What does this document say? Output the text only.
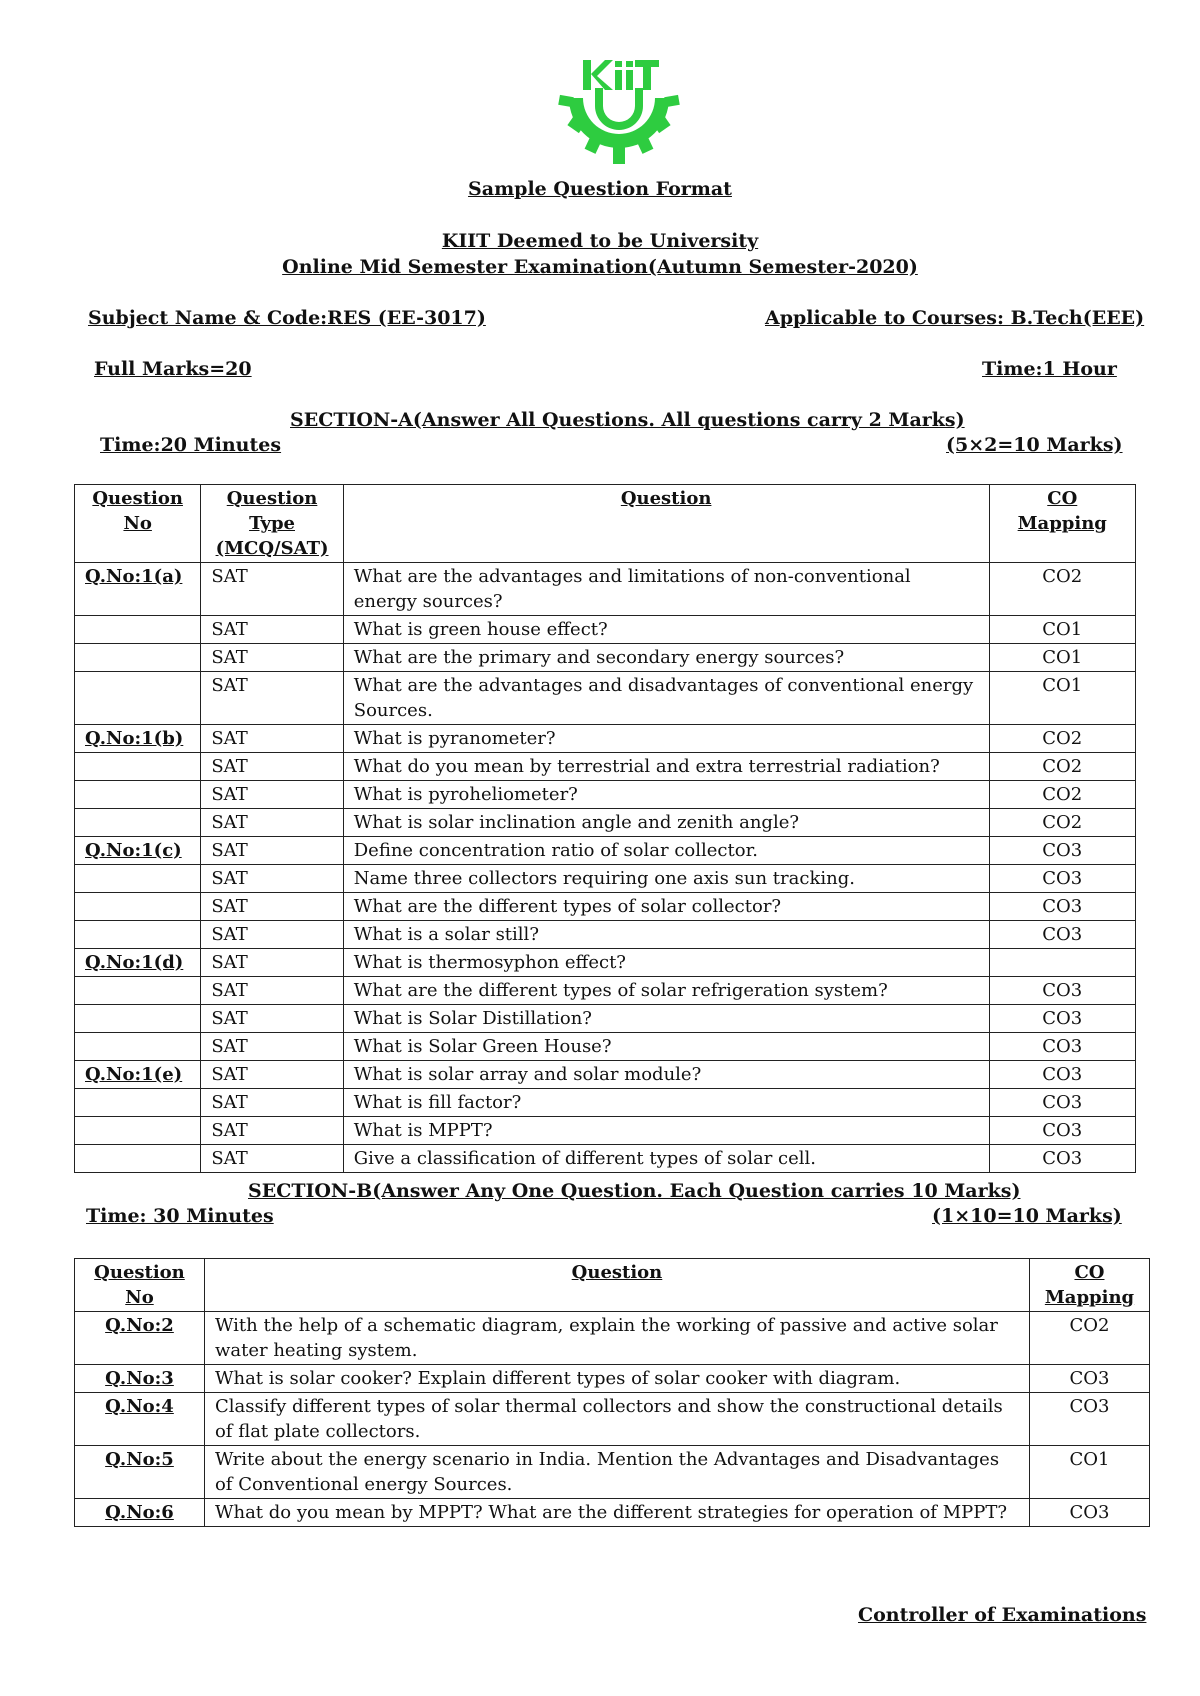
Sample Question Format
KIIT Deemed to be University
Online Mid Semester Examination(Autumn Semester-2020)
Subject Name & Code:RES (EE-3017)	Applicable to Courses: B.Tech(EEE)
Full Marks=20	Time:1 Hour
SECTION-A(Answer All Questions. All questions carry 2 Marks)
Time:20 Minutes	(5×2=10 Marks)
Question No	Question Type (MCQ/SAT)	Question	CO Mapping
Q.No:1(a)	SAT	What are the advantages and limitations of non-conventional energy sources?	CO2
	SAT	What is green house effect?	CO1
	SAT	What are the primary and secondary energy sources?	CO1
	SAT	What are the advantages and disadvantages of conventional energy Sources.	CO1
Q.No:1(b)	SAT	What is pyranometer?	CO2
	SAT	What do you mean by terrestrial and extra terrestrial radiation?	CO2
	SAT	What is pyroheliometer?	CO2
	SAT	What is solar inclination angle and zenith angle?	CO2
Q.No:1(c)	SAT	Define concentration ratio of solar collector.	CO3
	SAT	Name three collectors requiring one axis sun tracking.	CO3
	SAT	What are the different types of solar collector?	CO3
	SAT	What is a solar still?	CO3
Q.No:1(d)	SAT	What is thermosyphon effect?	
	SAT	What are the different types of solar refrigeration system?	CO3
	SAT	What is Solar Distillation?	CO3
	SAT	What is Solar Green House?	CO3
Q.No:1(e)	SAT	What is solar array and solar module?	CO3
	SAT	What is fill factor?	CO3
	SAT	What is MPPT?	CO3
	SAT	Give a classification of different types of solar cell.	CO3
SECTION-B(Answer Any One Question. Each Question carries 10 Marks)
Time: 30 Minutes	(1×10=10 Marks)
Question No	Question	CO Mapping
Q.No:2	With the help of a schematic diagram, explain the working of passive and active solar water heating system.	CO2
Q.No:3	What is solar cooker? Explain different types of solar cooker with diagram.	CO3
Q.No:4	Classify different types of solar thermal collectors and show the constructional details of flat plate collectors.	CO3
Q.No:5	Write about the energy scenario in India. Mention the Advantages and Disadvantages of Conventional energy Sources.	CO1
Q.No:6	What do you mean by MPPT? What are the different strategies for operation of MPPT?	CO3
Controller of Examinations
